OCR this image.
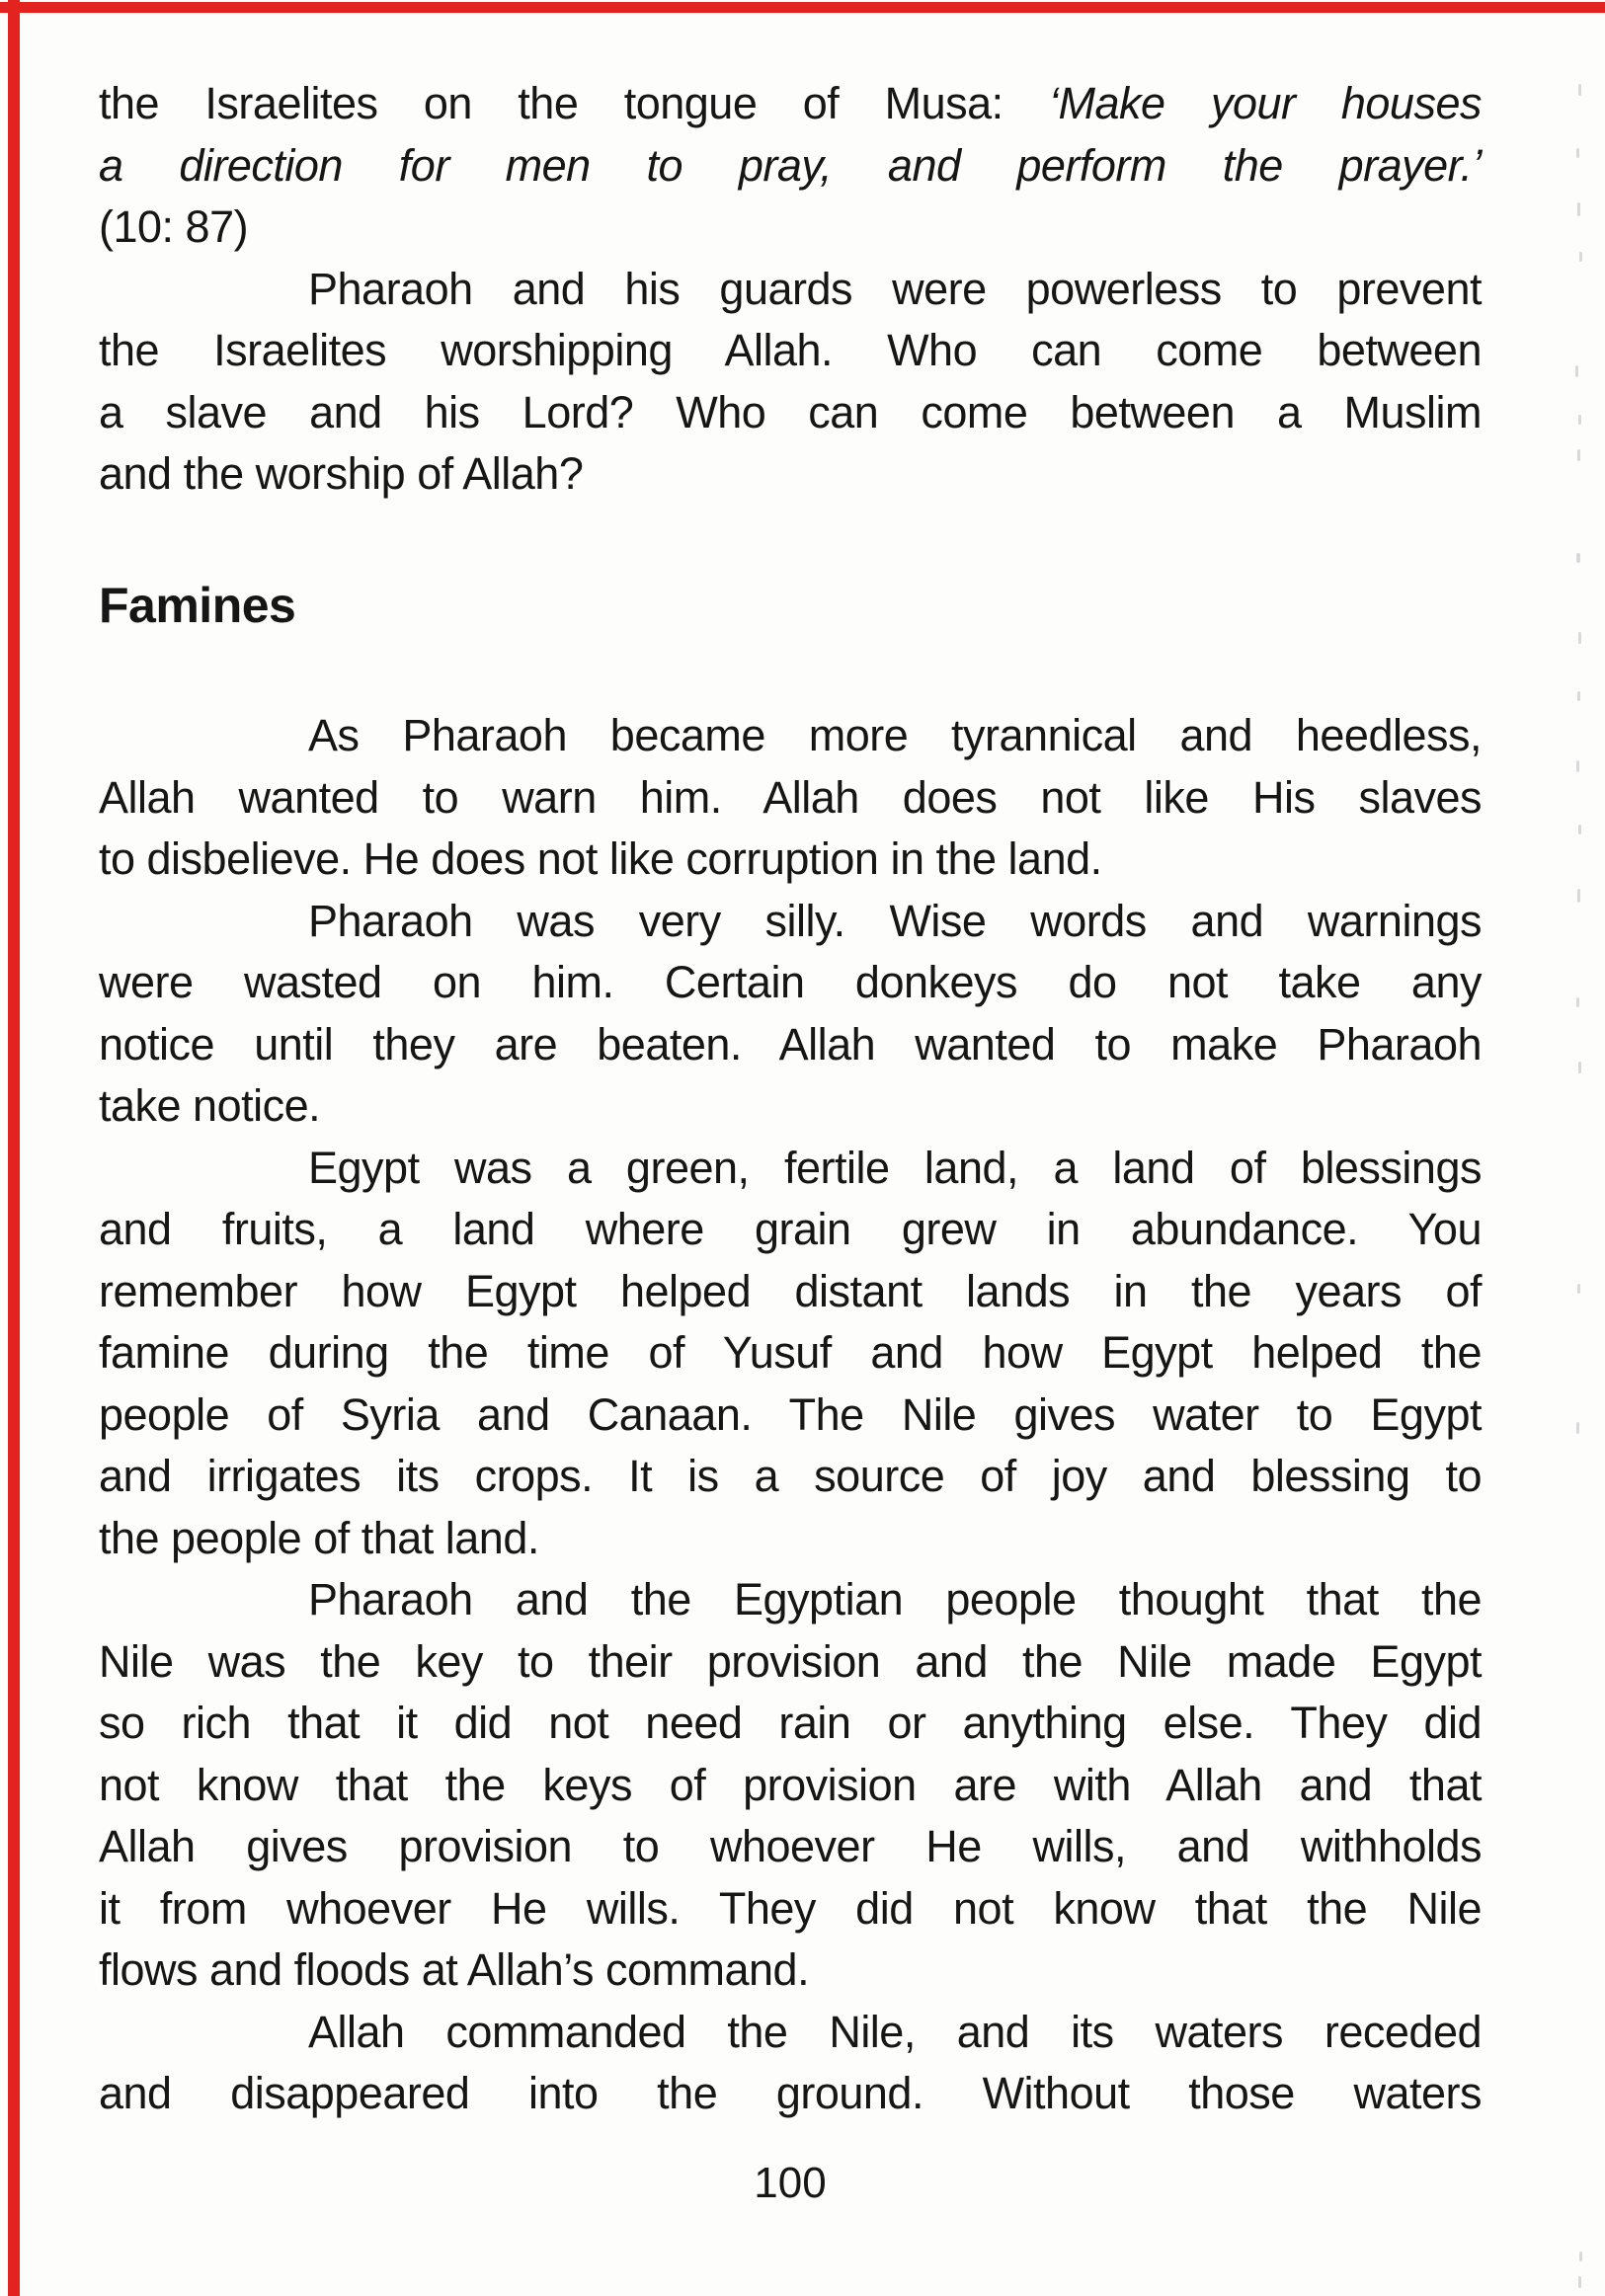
the Israelites on the tongue of Musa: ‘Make your houses
a direction for men to pray, and perform the prayer.’
(10: 87)
Pharaoh and his guards were powerless to prevent
the Israelites worshipping Allah. Who can come between
a slave and his Lord? Who can come between a Muslim
and the worship of Allah?
Famines
As Pharaoh became more tyrannical and heedless,
Allah wanted to warn him. Allah does not like His slaves
to disbelieve. He does not like corruption in the land.
Pharaoh was very silly. Wise words and warnings
were wasted on him. Certain donkeys do not take any
notice until they are beaten. Allah wanted to make Pharaoh
take notice.
Egypt was a green, fertile land, a land of blessings
and fruits, a land where grain grew in abundance. You
remember how Egypt helped distant lands in the years of
famine during the time of Yusuf and how Egypt helped the
people of Syria and Canaan. The Nile gives water to Egypt
and irrigates its crops. It is a source of joy and blessing to
the people of that land.
Pharaoh and the Egyptian people thought that the
Nile was the key to their provision and the Nile made Egypt
so rich that it did not need rain or anything else. They did
not know that the keys of provision are with Allah and that
Allah gives provision to whoever He wills, and withholds
it from whoever He wills. They did not know that the Nile
flows and floods at Allah’s command.
Allah commanded the Nile, and its waters receded
and disappeared into the ground. Without those waters
100
